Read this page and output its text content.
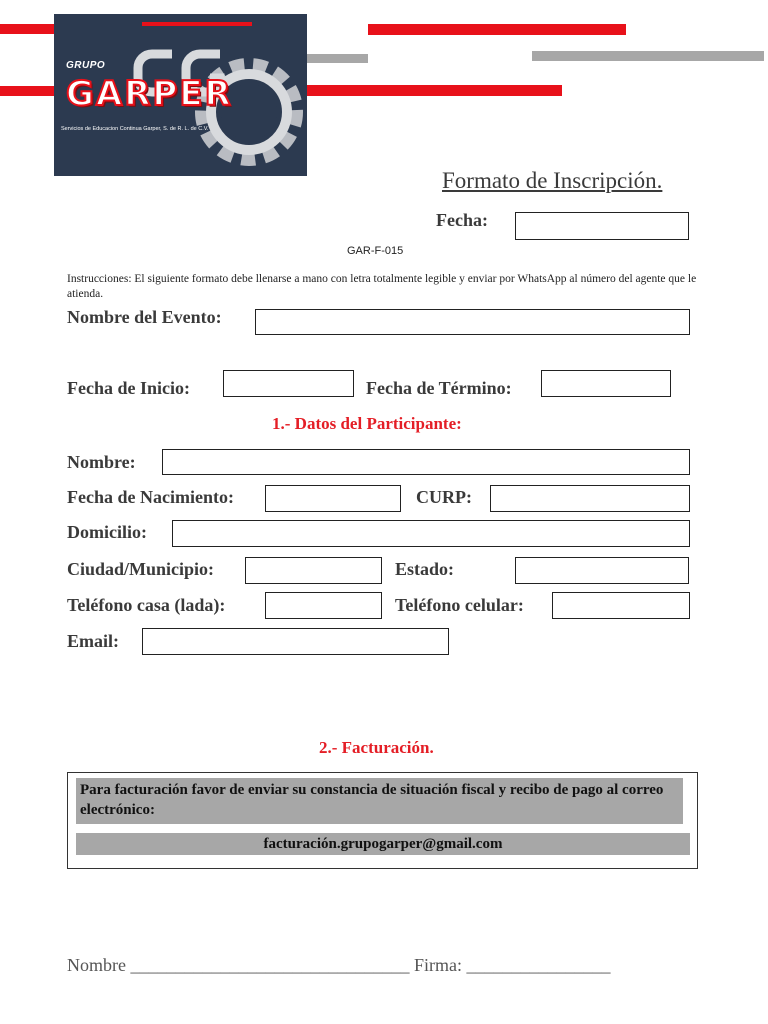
GRUPO
GARPER
Servicios de Educacion Continua Garper, S. de R. L. de C.V.
Formato de Inscripción.
Fecha:
GAR-F-015
Instrucciones: El siguiente formato debe llenarse a mano con letra totalmente legible y enviar por WhatsApp al número del agente que le atienda.
Nombre del Evento:
Fecha de Inicio:	Fecha de Término:
1.- Datos del Participante:
Nombre:
Fecha de Nacimiento:	CURP:
Domicilio:
Ciudad/Municipio:	Estado:
Teléfono casa (lada):	Teléfono celular:
Email:
2.- Facturación.
Para facturación favor de enviar su constancia de situación fiscal y recibo de pago al correo electrónico:
facturación.grupogarper@gmail.com
Nombre _______________________________ Firma: ________________
